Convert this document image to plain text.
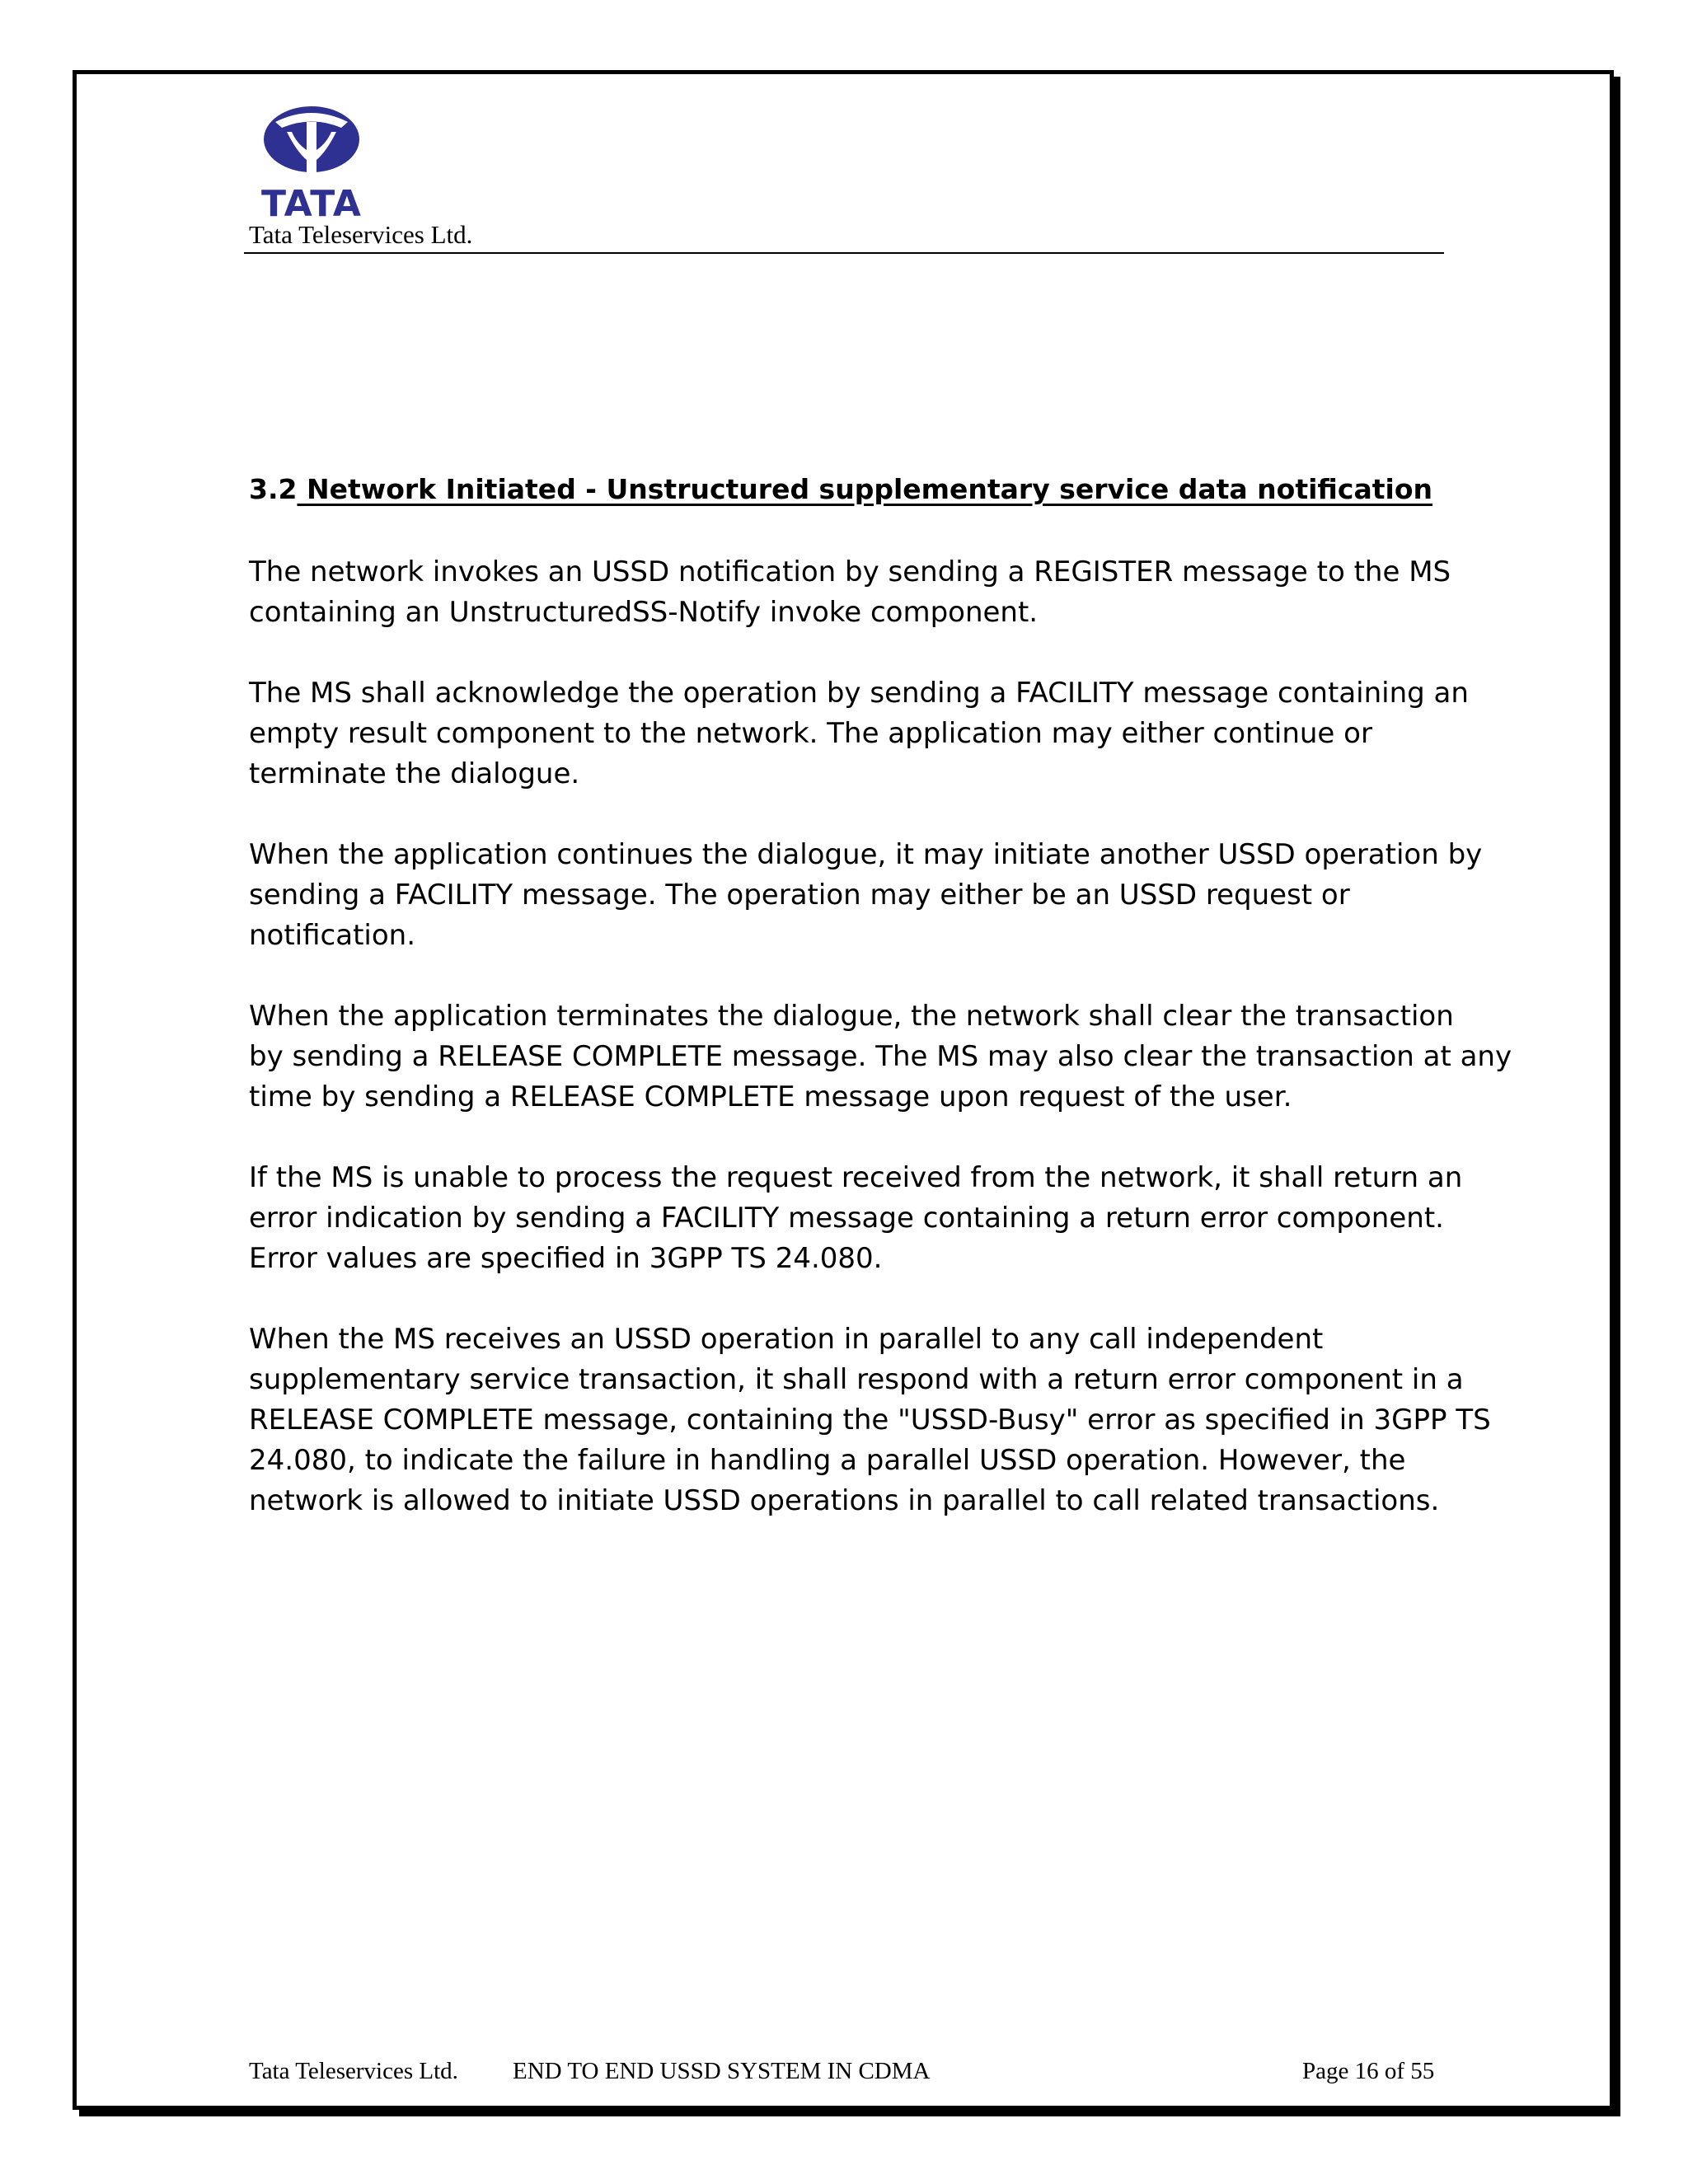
TATA
Tata Teleservices Ltd.
3.2 Network Initiated - Unstructured supplementary service data notification

The network invokes an USSD notification by sending a REGISTER message to the MS
containing an UnstructuredSS-Notify invoke component.

The MS shall acknowledge the operation by sending a FACILITY message containing an
empty result component to the network. The application may either continue or
terminate the dialogue.

When the application continues the dialogue, it may initiate another USSD operation by
sending a FACILITY message. The operation may either be an USSD request or
notification.

When the application terminates the dialogue, the network shall clear the transaction
by sending a RELEASE COMPLETE message. The MS may also clear the transaction at any
time by sending a RELEASE COMPLETE message upon request of the user.

If the MS is unable to process the request received from the network, it shall return an
error indication by sending a FACILITY message containing a return error component.
Error values are specified in 3GPP TS 24.080.

When the MS receives an USSD operation in parallel to any call independent
supplementary service transaction, it shall respond with a return error component in a
RELEASE COMPLETE message, containing the "USSD-Busy" error as specified in 3GPP TS
24.080, to indicate the failure in handling a parallel USSD operation. However, the
network is allowed to initiate USSD operations in parallel to call related transactions.

Tata Teleservices Ltd. END TO END USSD SYSTEM IN CDMA	Page 16 of 55
